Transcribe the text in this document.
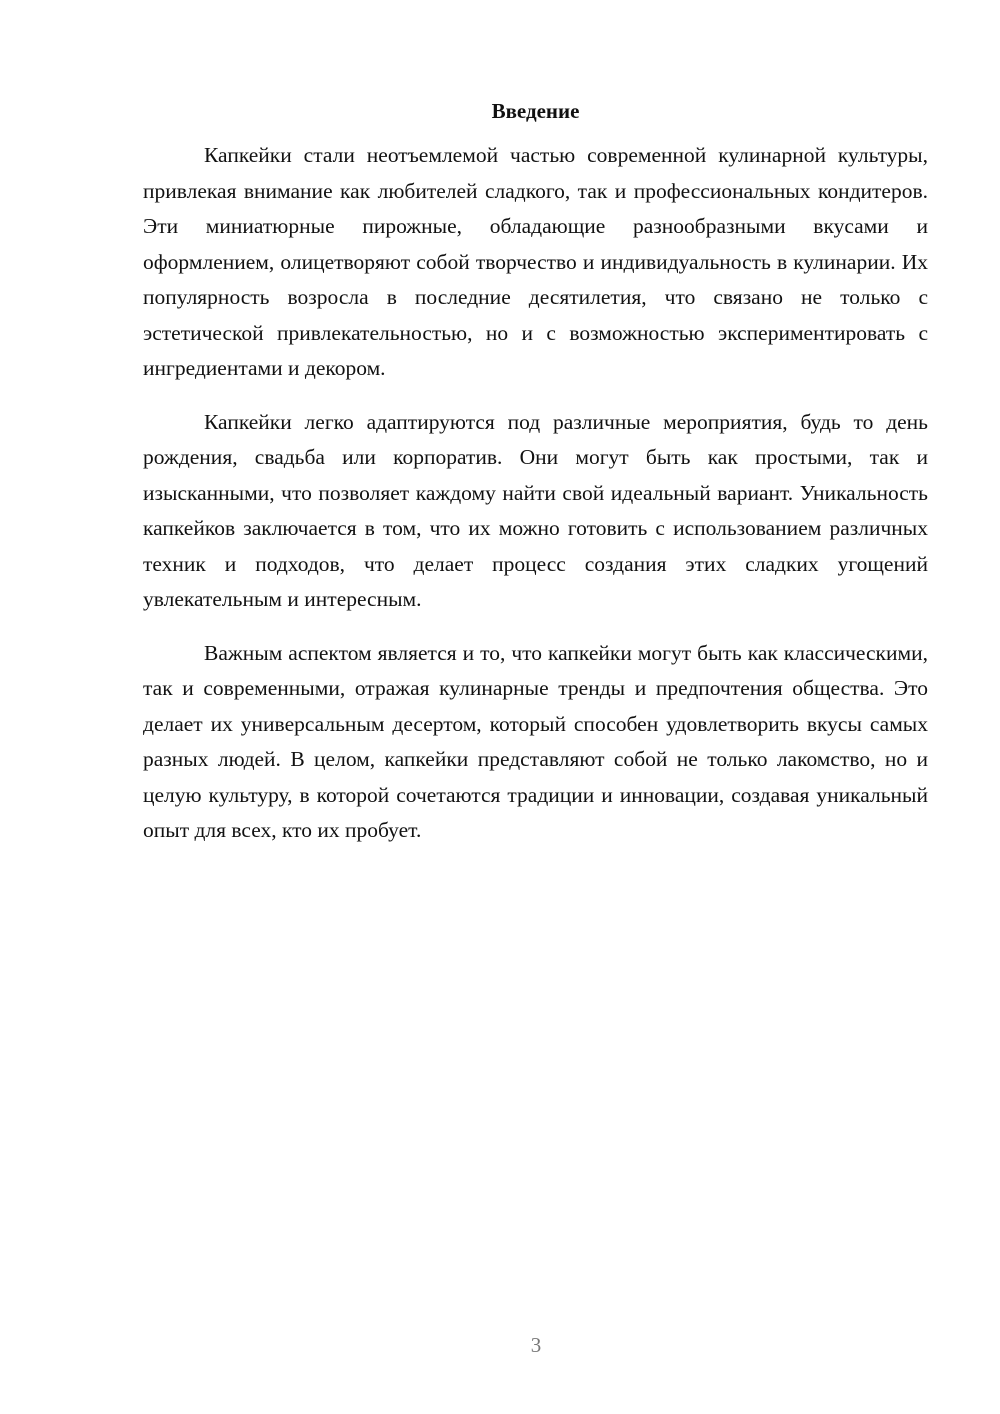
Введение

Капкейки стали неотъемлемой частью современной кулинарной культуры, привлекая внимание как любителей сладкого, так и профессиональных кондитеров. Эти миниатюрные пирожные, обладающие разнообразными вкусами и оформлением, олицетворяют собой творчество и индивидуальность в кулинарии. Их популярность возросла в последние десятилетия, что связано не только с эстетической привлекательностью, но и с возможностью экспериментировать с ингредиентами и декором.

Капкейки легко адаптируются под различные мероприятия, будь то день рождения, свадьба или корпоратив. Они могут быть как простыми, так и изысканными, что позволяет каждому найти свой идеальный вариант. Уникальность капкейков заключается в том, что их можно готовить с использованием различных техник и подходов, что делает процесс создания этих сладких угощений увлекательным и интересным.

Важным аспектом является и то, что капкейки могут быть как классическими, так и современными, отражая кулинарные тренды и предпочтения общества. Это делает их универсальным десертом, который способен удовлетворить вкусы самых разных людей. В целом, капкейки представляют собой не только лакомство, но и целую культуру, в которой сочетаются традиции и инновации, создавая уникальный опыт для всех, кто их пробует.

3
